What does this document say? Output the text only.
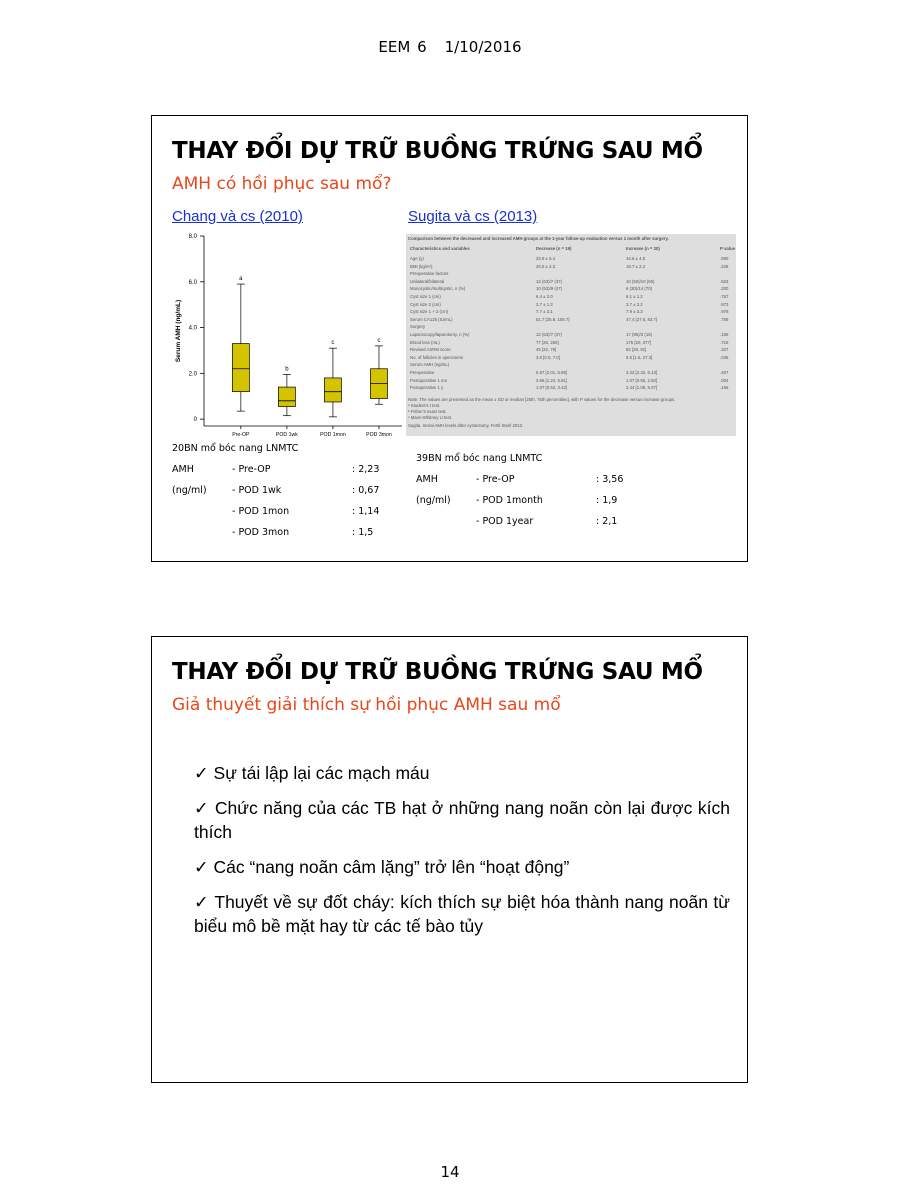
EEM 6 1/10/2016
THAY ĐỔI DỰ TRỮ BUỒNG TRỨNG SAU MỔ
AMH có hồi phục sau mổ?
Chang và cs (2010)	Sugita và cs (2013)
0
2.0
4.0
6.0
8.0
Serum AMH (ng/mL)
a
Pre-OP
b
POD 1wk
c
POD 1mon
c
POD 3mon
Comparison between the decreased and increased AMH groups at the 1-year follow-up evaluation versus 1 month after surgery.
Characteristics and variables	Decrease (n = 19)	Increase (n = 20)	P value
Age (y)	33.9 ± 5.4	34.6 ± 4.5	.690
BMI (kg/m²)	20.6 ± 2.3	19.7 ± 2.2	.228
Preoperative factors
Unilateral/bilateral	12 (63)/7 (37)	10 (50)/10 (50)	.523
Monocystic/multicystic, n (%)	10 (53)/9 (47)	6 (30)/14 (70)	.200
Cyst size 1 (cm)	6.4 ± 2.0	6.1 ± 1.2	.767
Cyst size 2 (cm)	3.7 ± 1.3	3.7 ± 2.2	.973
Cyst size 1 + 2 (cm)	7.7 ± 3.1	7.9 ± 3.3	.978
Serum CA125 (IU/mL)	51.7 [25.8, 108.7]	47.4 [27.6, 83.7]	.759
Surgery
Laparoscopy/laparotomy, n (%)	12 (63)/7 (37)	17 (85)/3 (15)	.155
Blood loss (mL)	77 [26, 259]	175 [20, 377]	.715
Revised ASRM score	45 [22, 79]	62 [28, 91]	.327
No. of follicles in specimens	3.0 [0.0, 7.0]	5.5 [1.5, 27.3]	.035
Serum AMH (ng/mL)
Preoperative	5.87 [2.01, 6.89]	3.23 [2.32, 6.13]	.407
Postoperative 1 mo	3.66 [1.24, 5.81]	1.07 [0.55, 2.50]	.004
Postoperative 1 y	1.07 [0.52, 3.42]	2.44 [1.09, 5.07]	.156
Note: The values are presented as the mean ± SD or median [25th, 75th percentiles], with P values for the decrease versus increase groups.
ᵃ Student's t test.
ᵇ Fisher's exact test.
ᶜ Mann-Whitney U test.
Sugita. Serial AMH levels after cystectomy. Fertil Steril 2013.
20BN mổ bóc nang LNMTC
AMH	- Pre-OP	: 2,23
(ng/ml)	- POD 1wk	: 0,67
- POD 1mon	: 1,14
- POD 3mon	: 1,5
39BN mổ bóc nang LNMTC
AMH	- Pre-OP	: 3,56
(ng/ml)	- POD 1month	: 1,9
- POD 1year	: 2,1
THAY ĐỔI DỰ TRỮ BUỒNG TRỨNG SAU MỔ
Giả thuyết giải thích sự hồi phục AMH sau mổ
✓ Sự tái lập lại các mạch máu
✓ Chức năng của các TB hạt ở những nang noãn còn lại được kích thích
✓ Các “nang noãn câm lặng” trở lên “hoạt động”
✓ Thuyết về sự đốt cháy: kích thích sự biệt hóa thành nang noãn từ biểu mô bề mặt hay từ các tế bào tủy
14
